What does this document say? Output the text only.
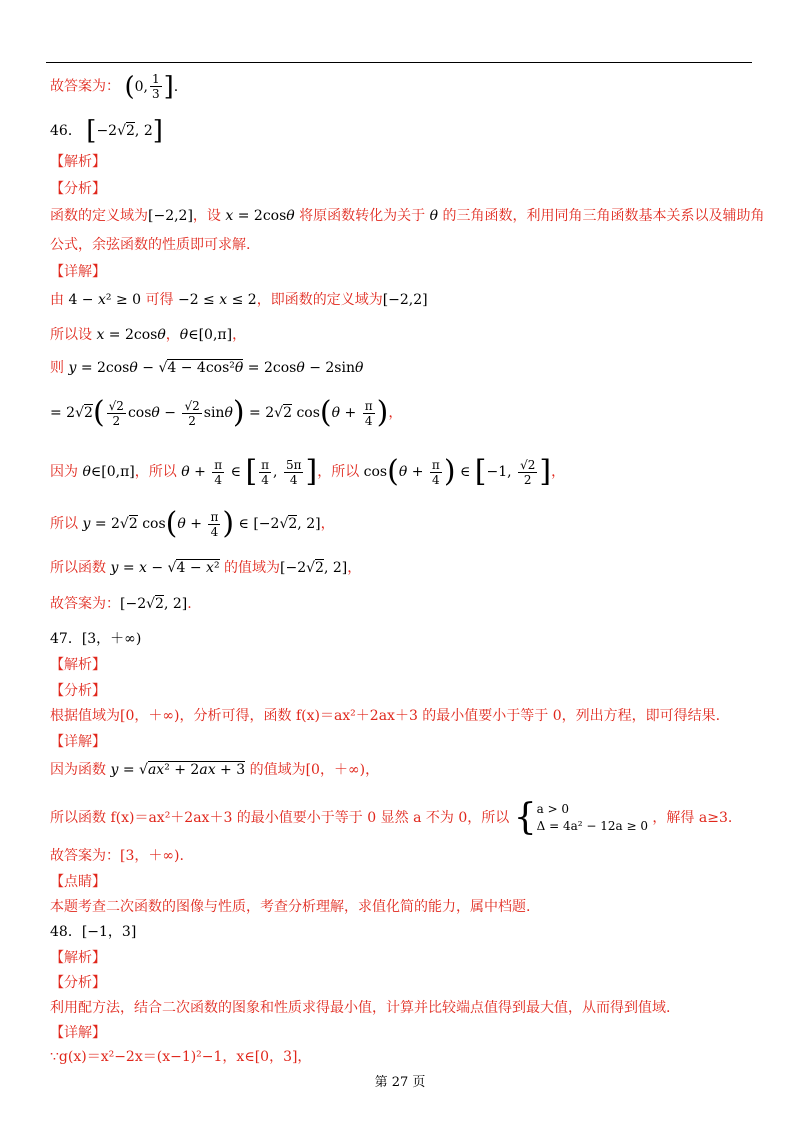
故答案为： (0, $\frac{1}{3}$ ].
46． [−2√2, 2]
【解析】
【分析】
函数的定义域为[−2,2]，设 x = 2cosθ 将原函数转化为关于 θ 的三角函数，利用同角三角函数基本关系以及辅助角
公式，余弦函数的性质即可求解.
【详解】
由 4 − x² ≥ 0 可得 −2 ≤ x ≤ 2，即函数的定义域为[−2,2]
所以设 x = 2cosθ，θ∈[0,π]，
则 y = 2cosθ − √4 − 4cos²θ = 2cosθ − 2sinθ
= $2√2( \frac{√2}{2}$ $\cos\theta - \frac{√2}{2} \sin\theta) = 2√2$ $\cos(\theta + \frac{\pi}{4}$ )，
因为 θ∈[0,π]，所以 $\theta + \frac{\pi}{4}$ ∈ [ $\frac{\pi}{4}$ , $\frac{5\pi}{4}$ ]，所以 $\cos(\theta + \frac{\pi}{4}$ ) ∈ [−1, $\frac{√2}{2}$ ]，
所以 y = 2√2 $\cos(\theta + \frac{\pi}{4}$ ) ∈ [−2√2, 2]，
所以函数 y = x − √4 − x² 的值域为[−2√2, 2]，
故答案为：[−2√2, 2].
47．[3，＋∞)
【解析】
【分析】
根据值域为[0，＋∞)，分析可得，函数 f(x)＝ax²＋2ax＋3 的最小值要小于等于 0，列出方程，即可得结果.
【详解】
因为函数 y = √ax² + 2ax + 3 的值域为[0，＋∞)，
所以函数 f(x)＝ax²＋2ax＋3 的最小值要小于等于 0 显然 a 不为 0，所以 { a > 0
Δ = 4a² − 12a ≥ 0 ，解得 a≥3.
故答案为：[3，＋∞).
【点睛】
本题考查二次函数的图像与性质，考查分析理解，求值化简的能力，属中档题.
48．[−1，3]
【解析】
【分析】
利用配方法，结合二次函数的图象和性质求得最小值，计算并比较端点值得到最大值，从而得到值域.
【详解】
∵g(x)＝x²−2x＝(x−1)²−1，x∈[0，3]，
第 27 页
